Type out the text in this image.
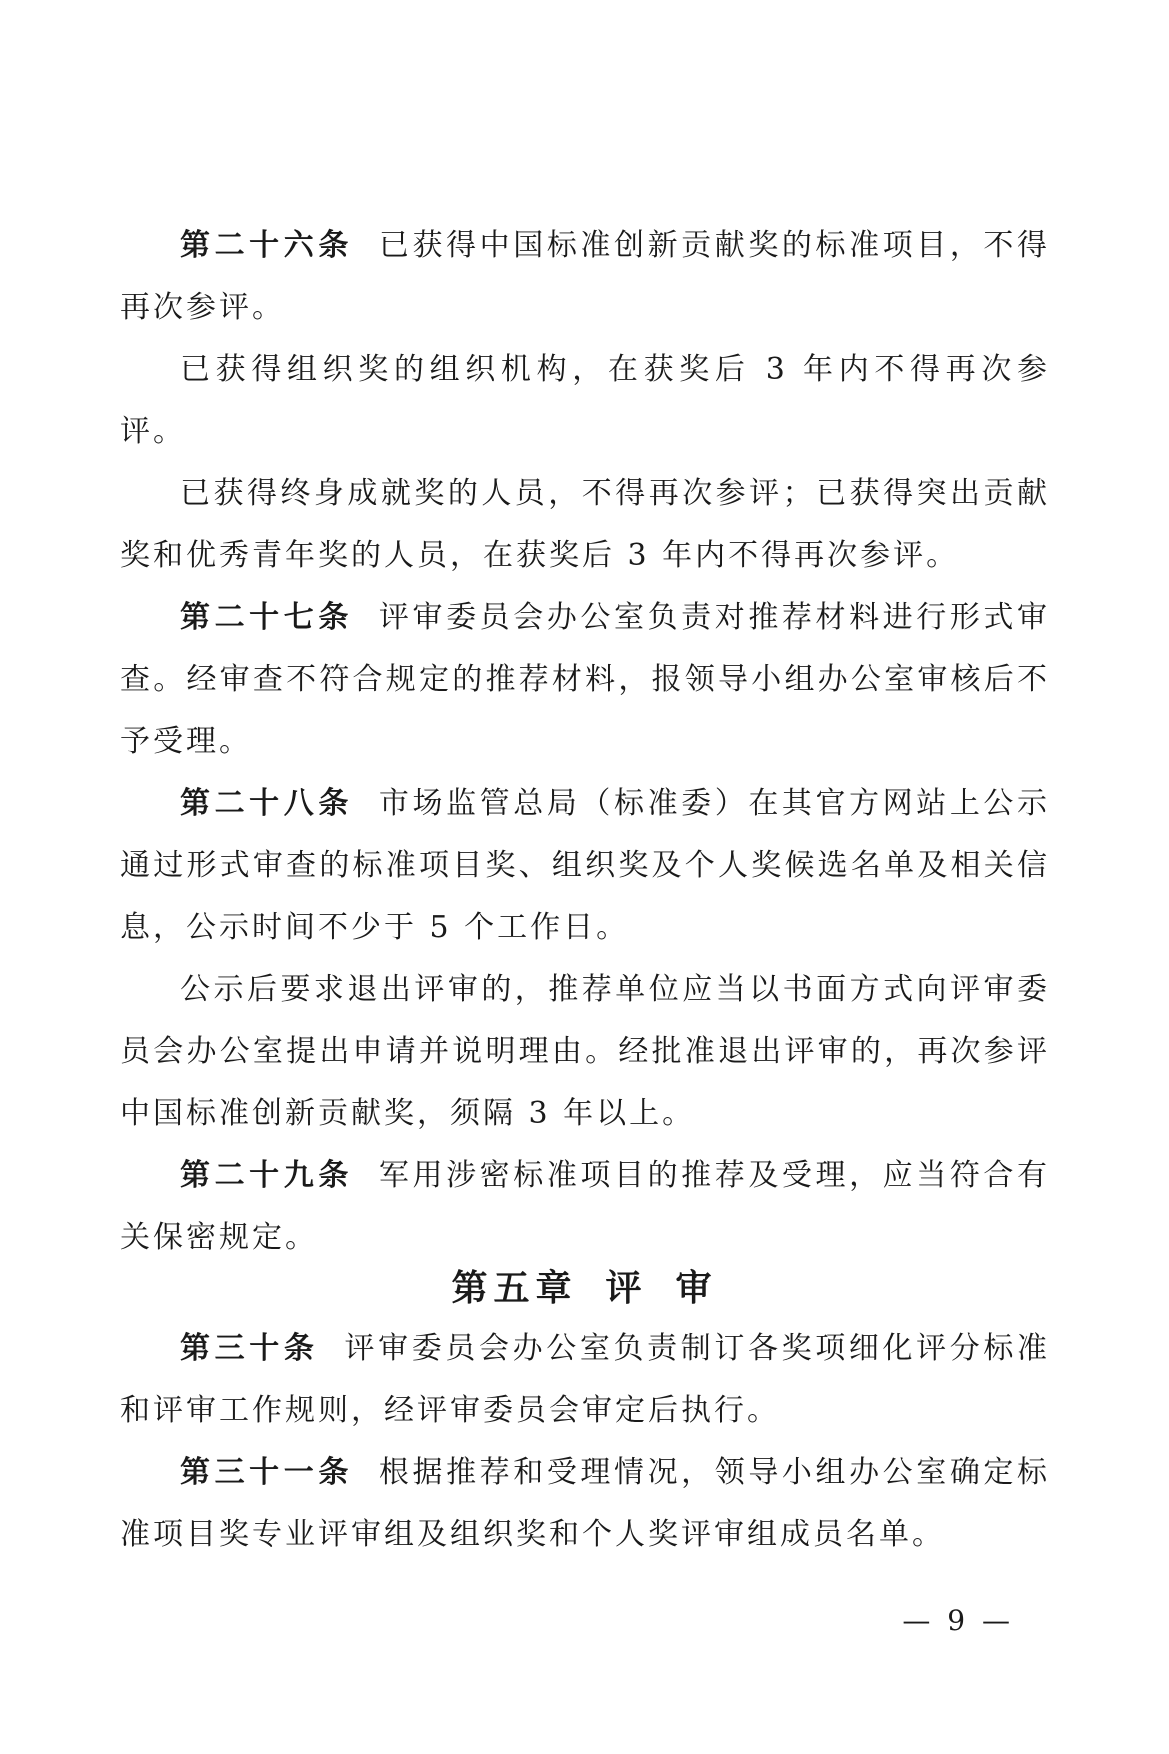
第二十六条 已获得中国标准创新贡献奖的标准项目，不得再次参评。

已获得组织奖的组织机构，在获奖后 3 年内不得再次参评。

已获得终身成就奖的人员，不得再次参评；已获得突出贡献奖和优秀青年奖的人员，在获奖后 3 年内不得再次参评。

第二十七条 评审委员会办公室负责对推荐材料进行形式审查。经审查不符合规定的推荐材料，报领导小组办公室审核后不予受理。

第二十八条 市场监管总局（标准委）在其官方网站上公示通过形式审查的标准项目奖、组织奖及个人奖候选名单及相关信息，公示时间不少于 5 个工作日。

公示后要求退出评审的，推荐单位应当以书面方式向评审委员会办公室提出申请并说明理由。经批准退出评审的，再次参评中国标准创新贡献奖，须隔 3 年以上。

第二十九条 军用涉密标准项目的推荐及受理，应当符合有关保密规定。

第五章 评 审

第三十条 评审委员会办公室负责制订各奖项细化评分标准和评审工作规则，经评审委员会审定后执行。

第三十一条 根据推荐和受理情况，领导小组办公室确定标准项目奖专业评审组及组织奖和个人奖评审组成员名单。

— 9 —
